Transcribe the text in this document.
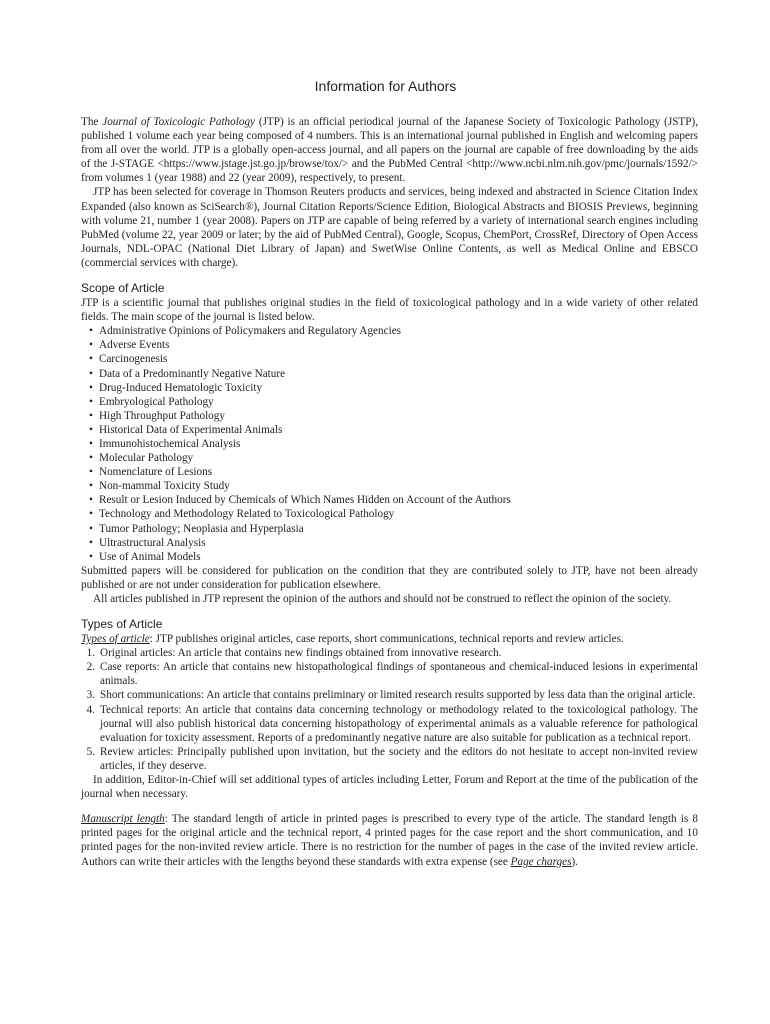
Information for Authors

The Journal of Toxicologic Pathology (JTP) is an official periodical journal of the Japanese Society of Toxicologic Pathology (JSTP), published 1 volume each year being composed of 4 numbers. This is an international journal published in English and welcoming papers from all over the world. JTP is a globally open-access journal, and all papers on the journal are capable of free downloading by the aids of the J-STAGE <https://www.jstage.jst.go.jp/browse/tox/> and the PubMed Central <http://www.ncbi.nlm.nih.gov/pmc/journals/1592/> from volumes 1 (year 1988) and 22 (year 2009), respectively, to present.

JTP has been selected for coverage in Thomson Reuters products and services, being indexed and abstracted in Science Citation Index Expanded (also known as SciSearch®), Journal Citation Reports/Science Edition, Biological Abstracts and BIOSIS Previews, beginning with volume 21, number 1 (year 2008). Papers on JTP are capable of being referred by a variety of international search engines including PubMed (volume 22, year 2009 or later; by the aid of PubMed Central), Google, Scopus, ChemPort, CrossRef, Directory of Open Access Journals, NDL-OPAC (National Diet Library of Japan) and SwetWise Online Contents, as well as Medical Online and EBSCO (commercial services with charge).

Scope of Article

JTP is a scientific journal that publishes original studies in the field of toxicological pathology and in a wide variety of other related fields. The main scope of the journal is listed below.

• Administrative Opinions of Policymakers and Regulatory Agencies
• Adverse Events
• Carcinogenesis
• Data of a Predominantly Negative Nature
• Drug-Induced Hematologic Toxicity
• Embryological Pathology
• High Throughput Pathology
• Historical Data of Experimental Animals
• Immunohistochemical Analysis
• Molecular Pathology
• Nomenclature of Lesions
• Non-mammal Toxicity Study
• Result or Lesion Induced by Chemicals of Which Names Hidden on Account of the Authors
• Technology and Methodology Related to Toxicological Pathology
• Tumor Pathology; Neoplasia and Hyperplasia
• Ultrastructural Analysis
• Use of Animal Models

Submitted papers will be considered for publication on the condition that they are contributed solely to JTP, have not been already published or are not under consideration for publication elsewhere.

All articles published in JTP represent the opinion of the authors and should not be construed to reflect the opinion of the society.

Types of Article

Types of article: JTP publishes original articles, case reports, short communications, technical reports and review articles.

1. Original articles: An article that contains new findings obtained from innovative research.
2. Case reports: An article that contains new histopathological findings of spontaneous and chemical-induced lesions in experimental animals.
3. Short communications: An article that contains preliminary or limited research results supported by less data than the original article.
4. Technical reports: An article that contains data concerning technology or methodology related to the toxicological pathology. The journal will also publish historical data concerning histopathology of experimental animals as a valuable reference for pathological evaluation for toxicity assessment. Reports of a predominantly negative nature are also suitable for publication as a technical report.
5. Review articles: Principally published upon invitation, but the society and the editors do not hesitate to accept non-invited review articles, if they deserve.

In addition, Editor-in-Chief will set additional types of articles including Letter, Forum and Report at the time of the publication of the journal when necessary.

Manuscript length: The standard length of article in printed pages is prescribed to every type of the article. The standard length is 8 printed pages for the original article and the technical report, 4 printed pages for the case report and the short communication, and 10 printed pages for the non-invited review article. There is no restriction for the number of pages in the case of the invited review article. Authors can write their articles with the lengths beyond these standards with extra expense (see Page charges).
